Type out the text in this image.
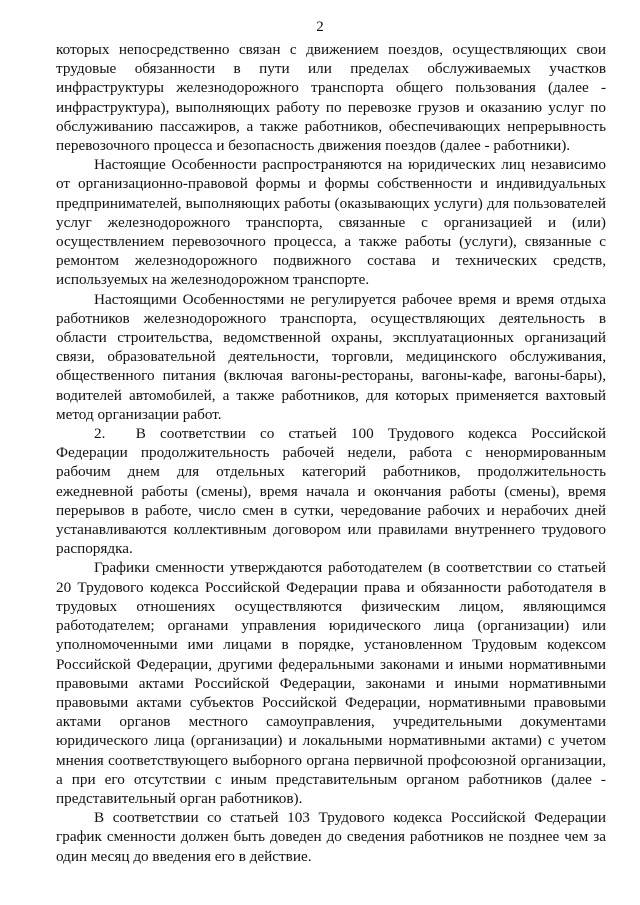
2

которых непосредственно связан с движением поездов, осуществляющих свои трудовые обязанности в пути или пределах обслуживаемых участков инфраструктуры железнодорожного транспорта общего пользования (далее - инфраструктура), выполняющих работу по перевозке грузов и оказанию услуг по обслуживанию пассажиров, а также работников, обеспечивающих непрерывность перевозочного процесса и безопасность движения поездов (далее - работники).

Настоящие Особенности распространяются на юридических лиц независимо от организационно-правовой формы и формы собственности и индивидуальных предпринимателей, выполняющих работы (оказывающих услуги) для пользователей услуг железнодорожного транспорта, связанные с организацией и (или) осуществлением перевозочного процесса, а также работы (услуги), связанные с ремонтом железнодорожного подвижного состава и технических средств, используемых на железнодорожном транспорте.

Настоящими Особенностями не регулируется рабочее время и время отдыха работников железнодорожного транспорта, осуществляющих деятельность в области строительства, ведомственной охраны, эксплуатационных организаций связи, образовательной деятельности, торговли, медицинского обслуживания, общественного питания (включая вагоны-рестораны, вагоны-кафе, вагоны-бары), водителей автомобилей, а также работников, для которых применяется вахтовый метод организации работ.

2.  В соответствии со статьей 100 Трудового кодекса Российской Федерации продолжительность рабочей недели, работа с ненормированным рабочим днем для отдельных категорий работников, продолжительность ежедневной работы (смены), время начала и окончания работы (смены), время перерывов в работе, число смен в сутки, чередование рабочих и нерабочих дней устанавливаются коллективным договором или правилами внутреннего трудового распорядка.

Графики сменности утверждаются работодателем (в соответствии со статьей 20 Трудового кодекса Российской Федерации права и обязанности работодателя в трудовых отношениях осуществляются физическим лицом, являющимся работодателем; органами управления юридического лица (организации) или уполномоченными ими лицами в порядке, установленном Трудовым кодексом Российской Федерации, другими федеральными законами и иными нормативными правовыми актами Российской Федерации, законами и иными нормативными правовыми актами субъектов Российской Федерации, нормативными правовыми актами органов местного самоуправления, учредительными документами юридического лица (организации) и локальными нормативными актами) с учетом мнения соответствующего выборного органа первичной профсоюзной организации, а при его отсутствии с иным представительным органом работников (далее - представительный орган работников).

В соответствии со статьей 103 Трудового кодекса Российской Федерации график сменности должен быть доведен до сведения работников не позднее чем за один месяц до введения его в действие.
